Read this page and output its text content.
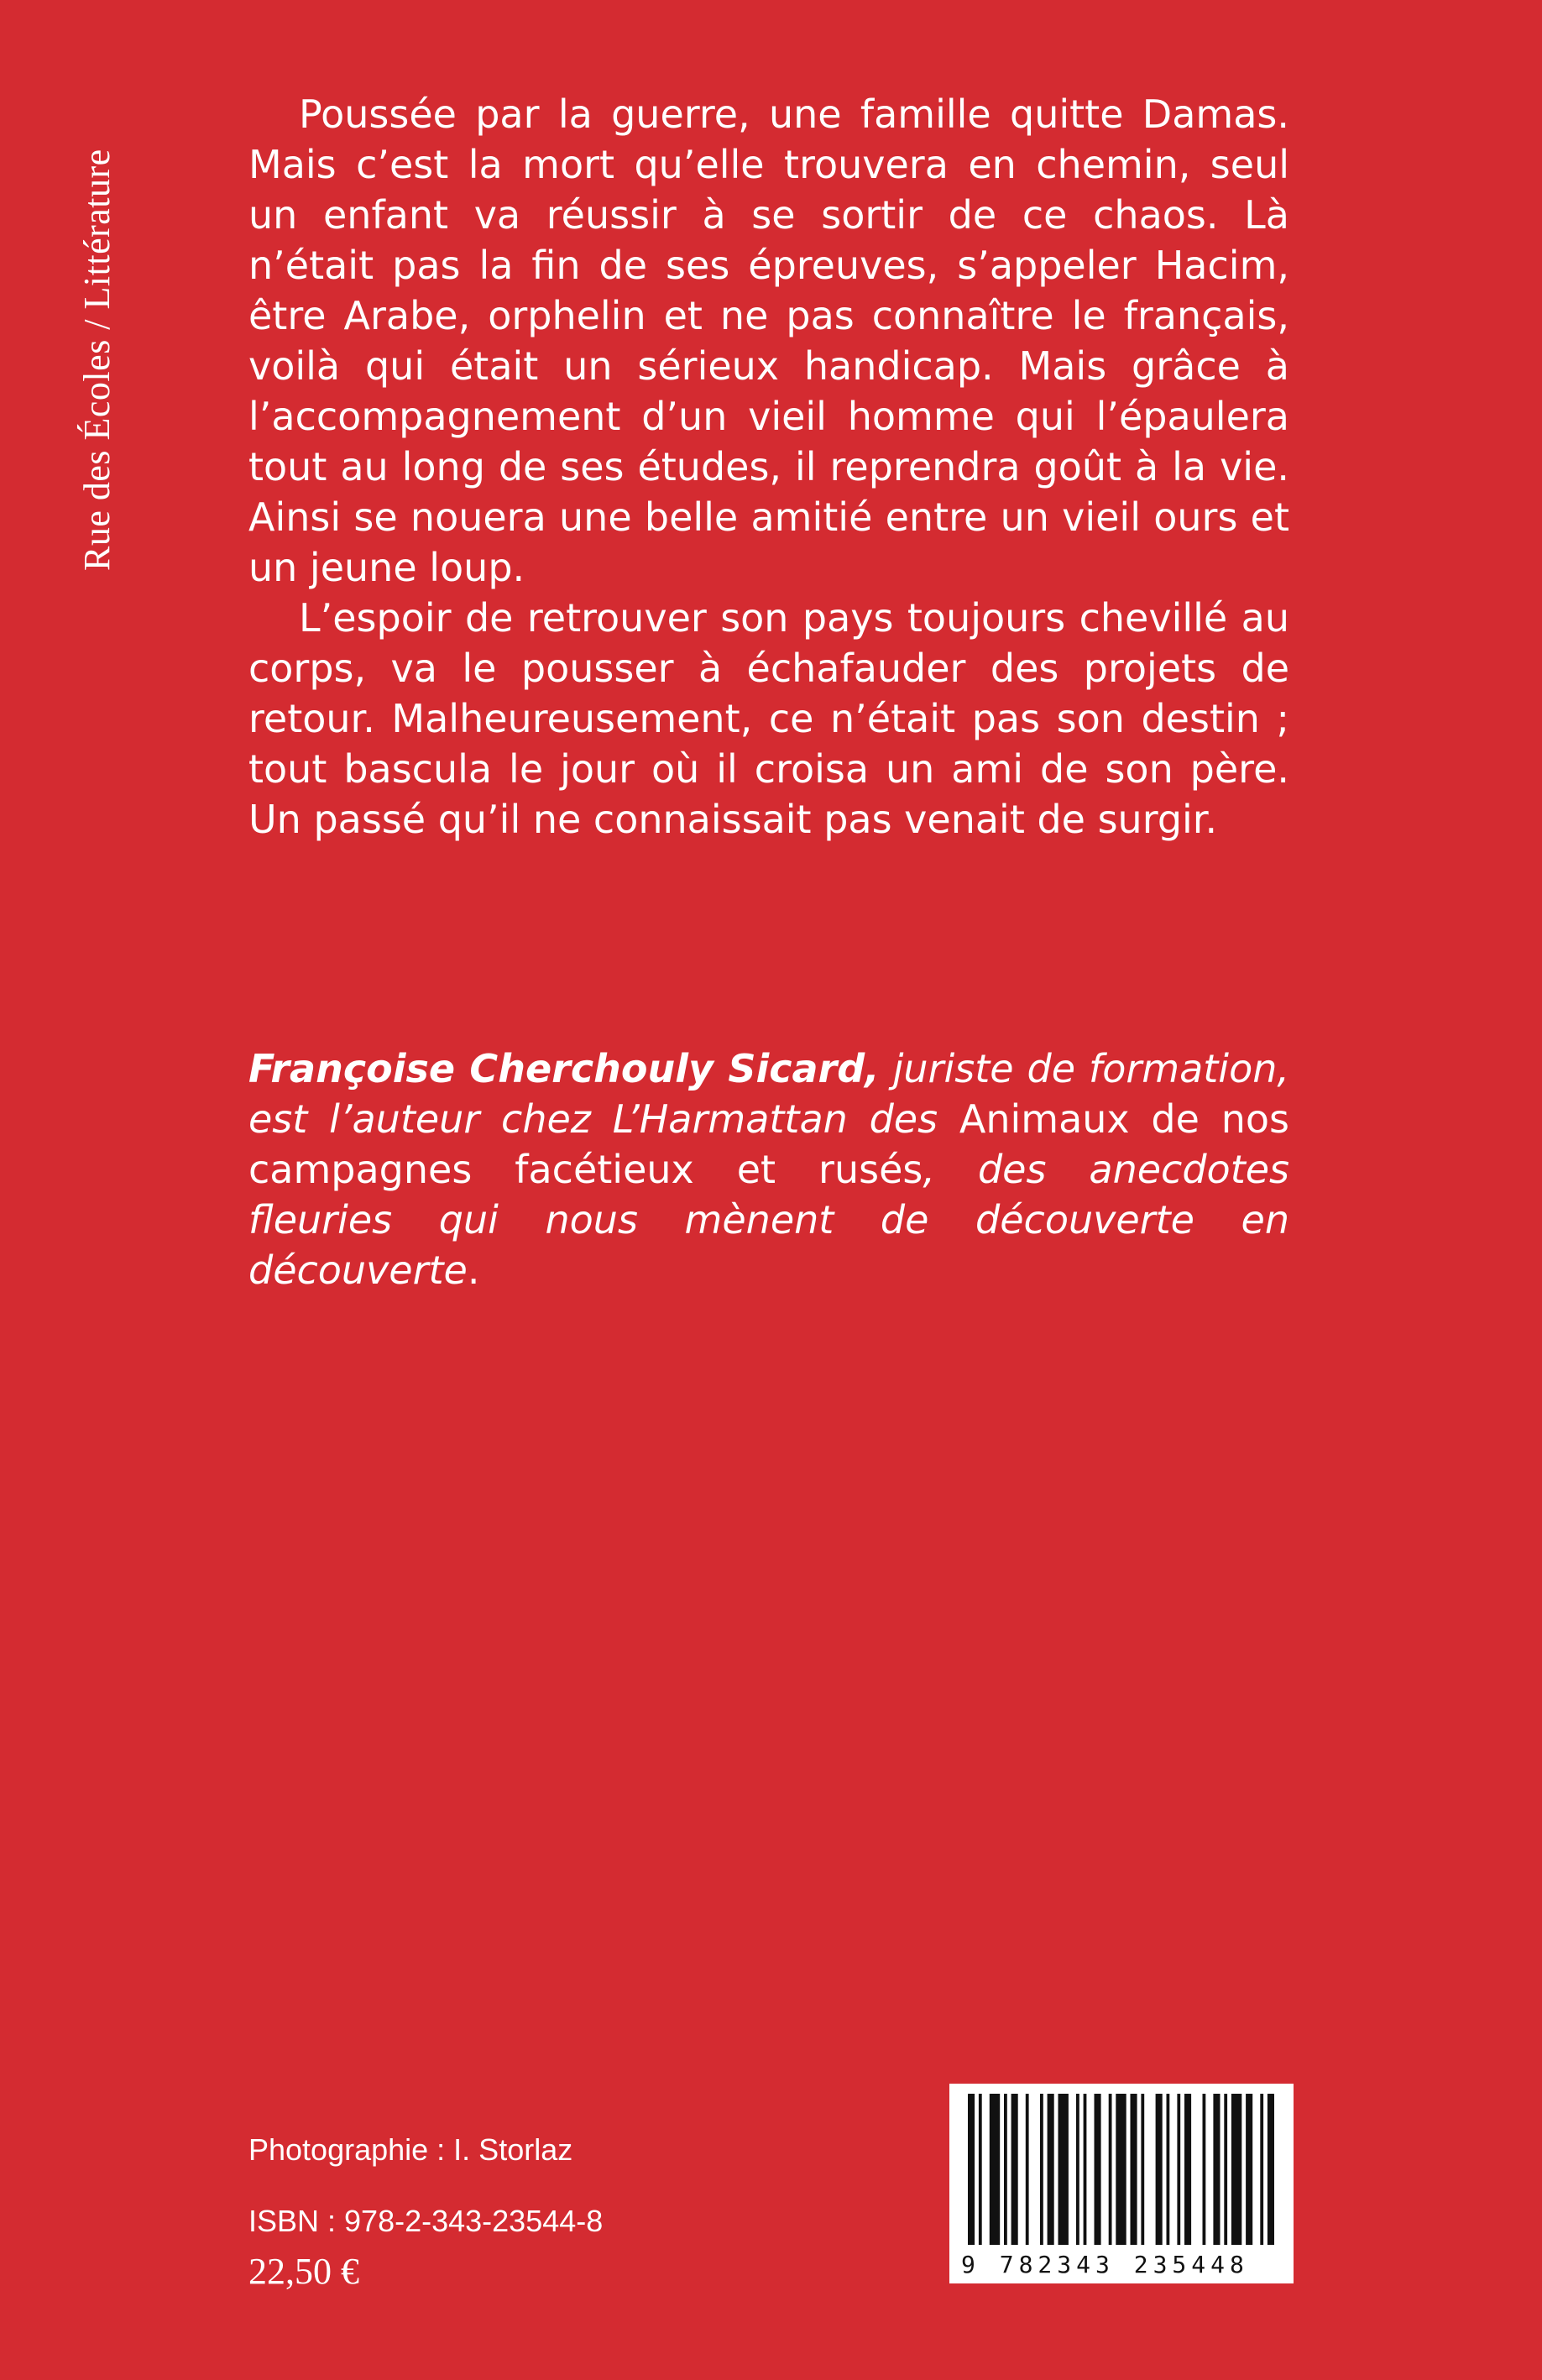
Rue des Écoles / Littérature

Poussée par la guerre, une famille quitte Damas. Mais c’est la mort qu’elle trouvera en chemin, seul un enfant va réussir à se sortir de ce chaos. Là n’était pas la fin de ses épreuves, s’appeler Hacim, être Arabe, orphelin et ne pas connaître le français, voilà qui était un sérieux handicap. Mais grâce à l’accompagnement d’un vieil homme qui l’épaulera tout au long de ses études, il reprendra goût à la vie. Ainsi se nouera une belle amitié entre un vieil ours et un jeune loup.

L’espoir de retrouver son pays toujours chevillé au corps, va le pousser à échafauder des projets de retour. Malheureusement, ce n’était pas son destin ; tout bascula le jour où il croisa un ami de son père. Un passé qu’il ne connaissait pas venait de surgir.

Françoise Cherchouly Sicard, juriste de formation, est l’auteur chez L’Harmattan des Animaux de nos campagnes facétieux et rusés, des anecdotes fleuries qui nous mènent de découverte en découverte.
Photographie : I. Storlaz
ISBN : 978-2-343-23544-8
22,50 €	9 782343 235448
